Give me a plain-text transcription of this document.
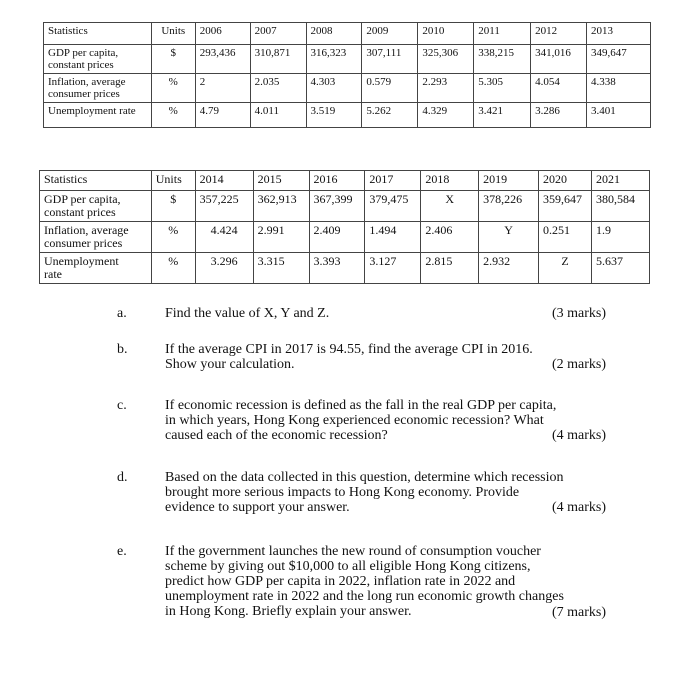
Statistics	Units	2006	2007	2008	2009	2010	2011	2012	2013

GDP per capita,
constant prices	$	293,436	310,871	316,323	307,111	325,306	338,215	341,016	349,647

Inflation, average
consumer prices	%	2	2.035	4.303	0.579	2.293	5.305	4.054	4.338
Unemployment rate	%	4.79	4.011	3.519	5.262	4.329	3.421	3.286	3.401
Statistics	Units	2014	2015	2016	2017	2018	2019	2020	2021

GDP per capita,
constant prices	$	357,225	362,913	367,399	379,475	X	378,226	359,647	380,584

Inflation, average
consumer prices	%	4.424	2.991	2.409	1.494	2.406	Y	0.251	1.9

Unemployment
rate	%	3.296	3.315	3.393	3.127	2.815	2.932	Z	5.637
a.	Find the value of X, Y and Z.	(3 marks)
b.	If the average CPI in 2017 is 94.55, find the average CPI in 2016.
Show your calculation.	(2 marks)
c.	If economic recession is defined as the fall in the real GDP per capita,
in which years, Hong Kong experienced economic recession? What
caused each of the economic recession?	(4 marks)
d.	Based on the data collected in this question, determine which recession
brought more serious impacts to Hong Kong economy. Provide
evidence to support your answer.	(4 marks)
e.	If the government launches the new round of consumption voucher
scheme by giving out $10,000 to all eligible Hong Kong citizens,
predict how GDP per capita in 2022, inflation rate in 2022 and
unemployment rate in 2022 and the long run economic growth changes
in Hong Kong. Briefly explain your answer.	(7 marks)
